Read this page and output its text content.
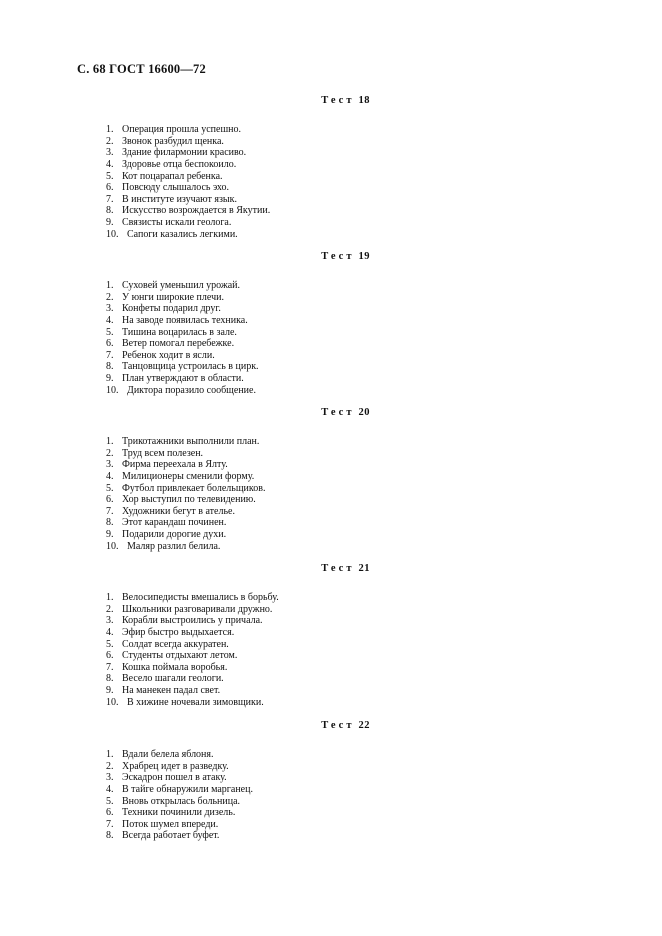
С. 68 ГОСТ 16600—72
Тест 18
1. Операция прошла успешно.
2. Звонок разбудил щенка.
3. Здание филармонии красиво.
4. Здоровье отца беспокоило.
5. Кот поцарапал ребенка.
6. Повсюду слышалось эхо.
7. В институте изучают язык.
8. Искусство возрождается в Якутии.
9. Связисты искали геолога.
10. Сапоги казались легкими.
Тест 19
1. Суховей уменьшил урожай.
2. У юнги широкие плечи.
3. Конфеты подарил друг.
4. На заводе появилась техника.
5. Тишина воцарилась в зале.
6. Ветер помогал перебежке.
7. Ребенок ходит в ясли.
8. Танцовщица устроилась в цирк.
9. План утверждают в области.
10. Диктора поразило сообщение.
Тест 20
1. Трикотажники выполнили план.
2. Труд всем полезен.
3. Фирма переехала в Ялту.
4. Милиционеры сменили форму.
5. Футбол привлекает болельщиков.
6. Хор выступил по телевидению.
7. Художники бегут в ателье.
8. Этот карандаш починен.
9. Подарили дорогие духи.
10. Маляр разлил белила.
Тест 21
1. Велосипедисты вмешались в борьбу.
2. Школьники разговаривали дружно.
3. Корабли выстроились у причала.
4. Эфир быстро выдыхается.
5. Солдат всегда аккуратен.
6. Студенты отдыхают летом.
7. Кошка поймала воробья.
8. Весело шагали геологи.
9. На манекен падал свет.
10. В хижине ночевали зимовщики.
Тест 22
1. Вдали белела яблоня.
2. Храбрец идет в разведку.
3. Эскадрон пошел в атаку.
4. В тайге обнаружили марганец.
5. Вновь открылась больница.
6. Техники починили дизель.
7. Поток шумел впереди.
8. Всегда работает буфет.
